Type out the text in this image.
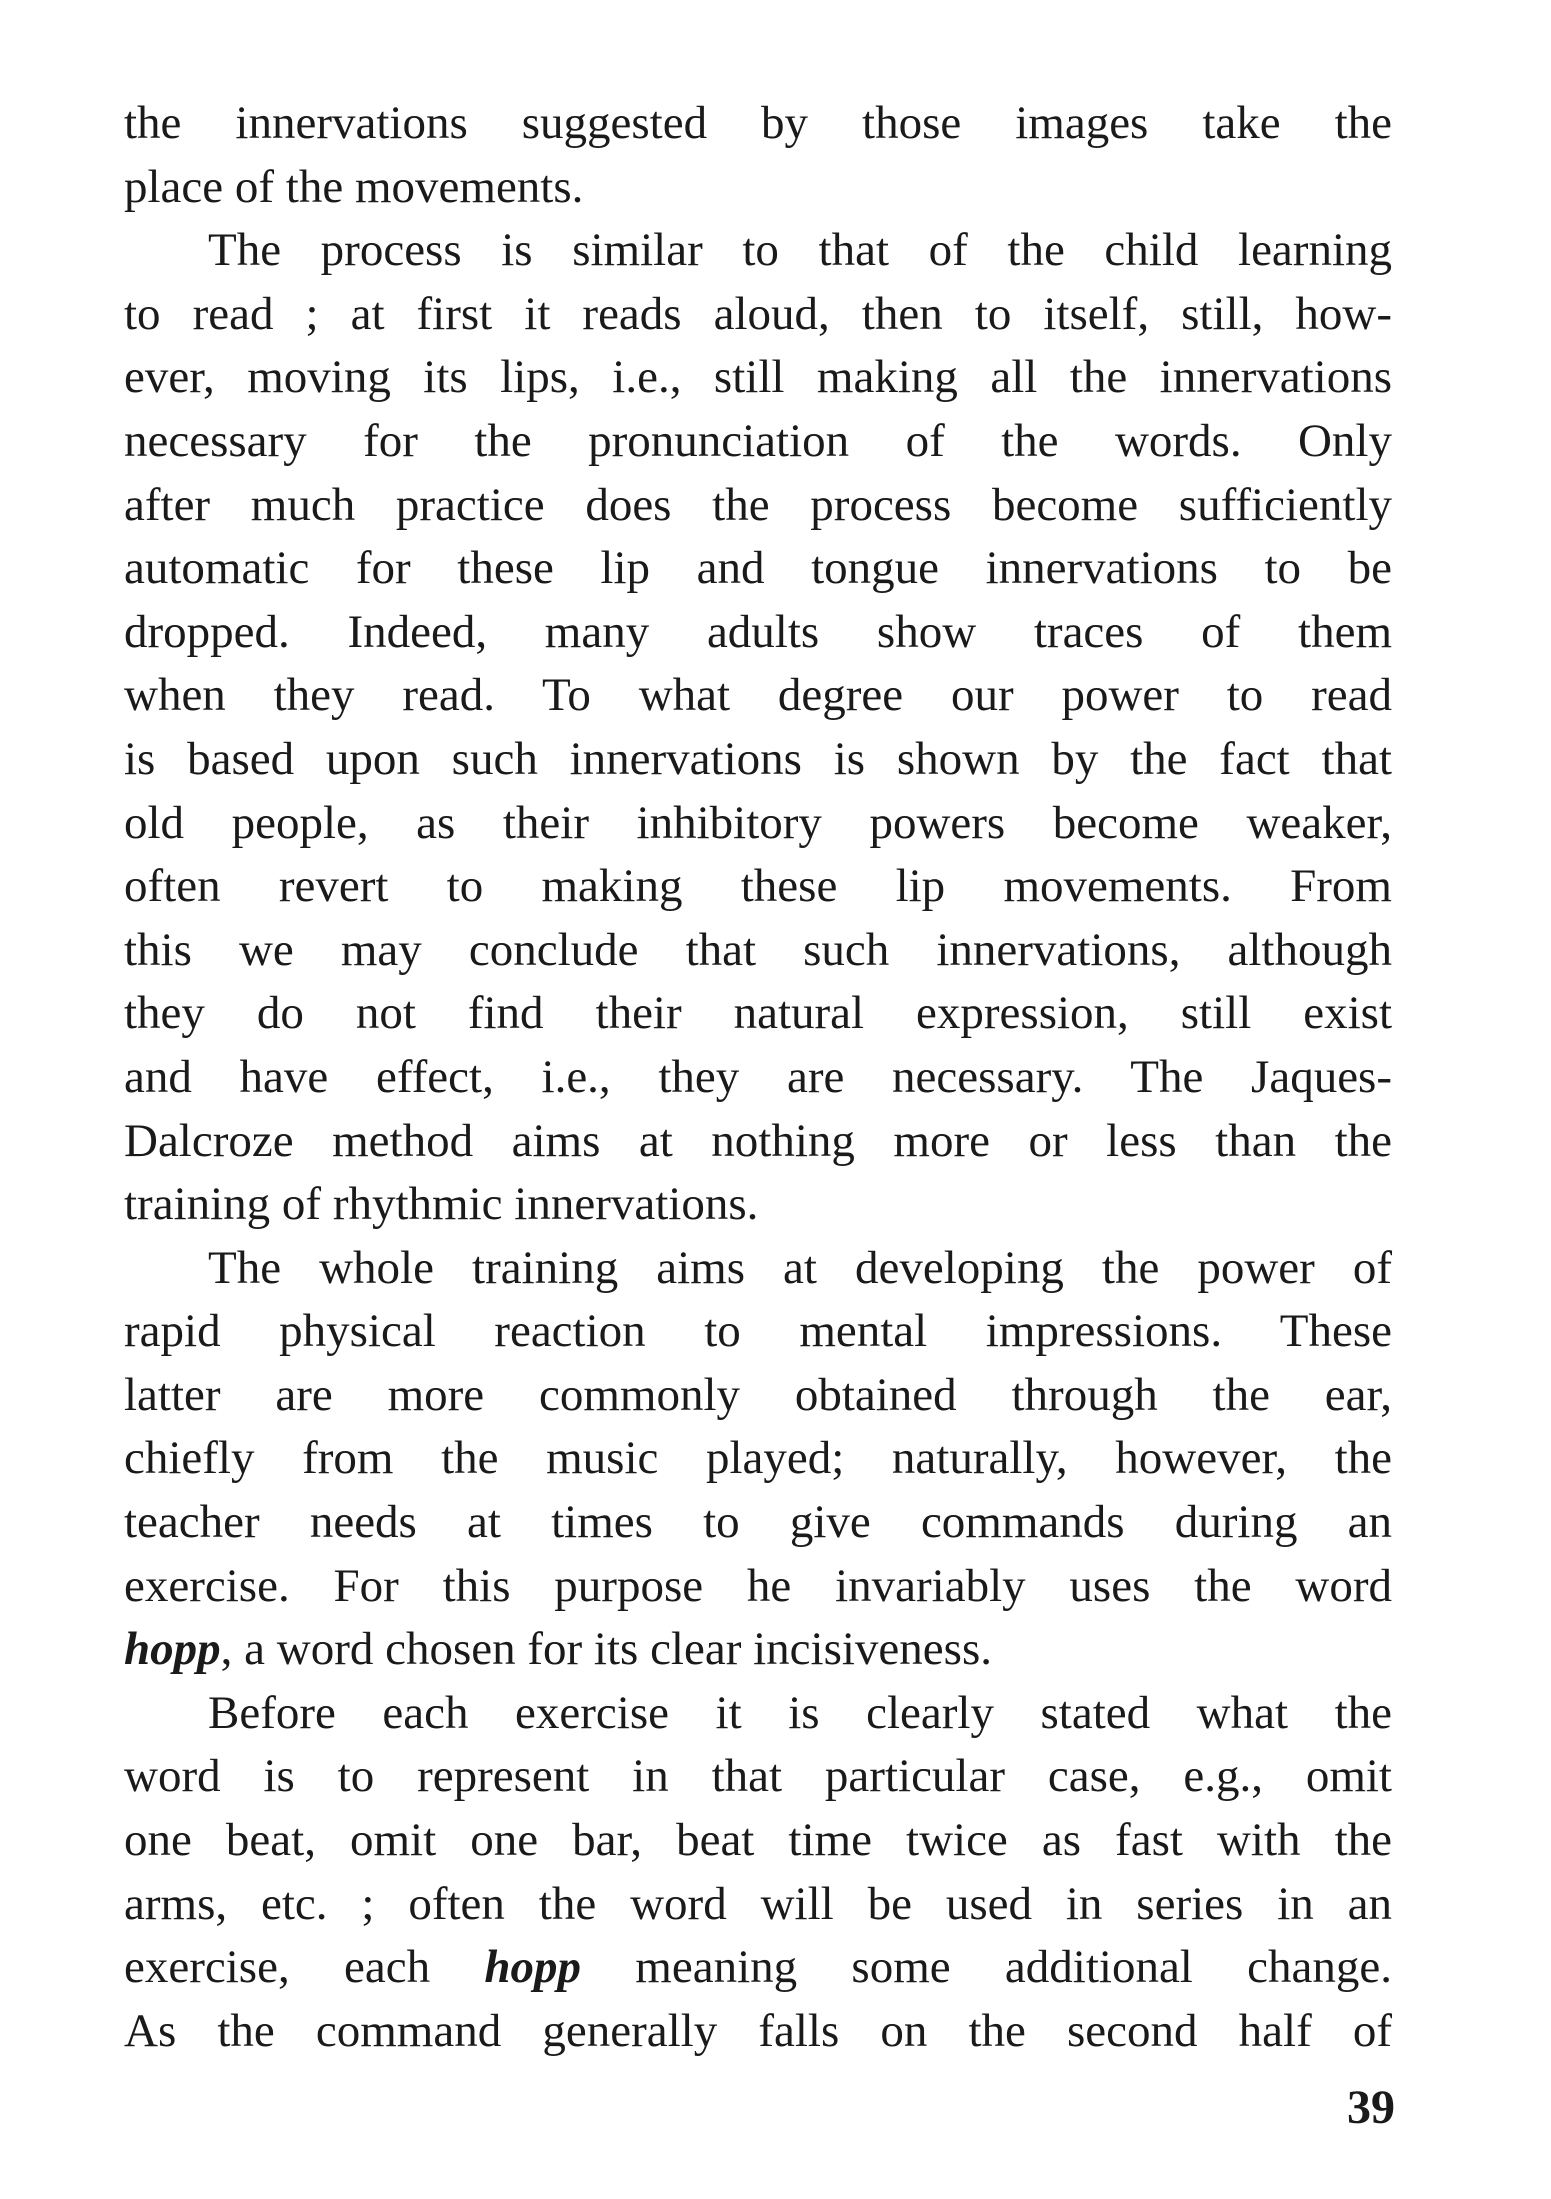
the innervations suggested by those images take the
place of the movements.
The process is similar to that of the child learning
to read ; at first it reads aloud, then to itself, still, how-
ever, moving its lips, i.e., still making all the innervations
necessary for the pronunciation of the words. Only
after much practice does the process become sufficiently
automatic for these lip and tongue innervations to be
dropped. Indeed, many adults show traces of them
when they read. To what degree our power to read
is based upon such innervations is shown by the fact that
old people, as their inhibitory powers become weaker,
often revert to making these lip movements. From
this we may conclude that such innervations, although
they do not find their natural expression, still exist
and have effect, i.e., they are necessary. The Jaques-
Dalcroze method aims at nothing more or less than the
training of rhythmic innervations.
The whole training aims at developing the power of
rapid physical reaction to mental impressions. These
latter are more commonly obtained through the ear,
chiefly from the music played; naturally, however, the
teacher needs at times to give commands during an
exercise. For this purpose he invariably uses the word
hopp, a word chosen for its clear incisiveness.
Before each exercise it is clearly stated what the
word is to represent in that particular case, e.g., omit
one beat, omit one bar, beat time twice as fast with the
arms, etc. ; often the word will be used in series in an
exercise, each hopp meaning some additional change.
As the command generally falls on the second half of
39
